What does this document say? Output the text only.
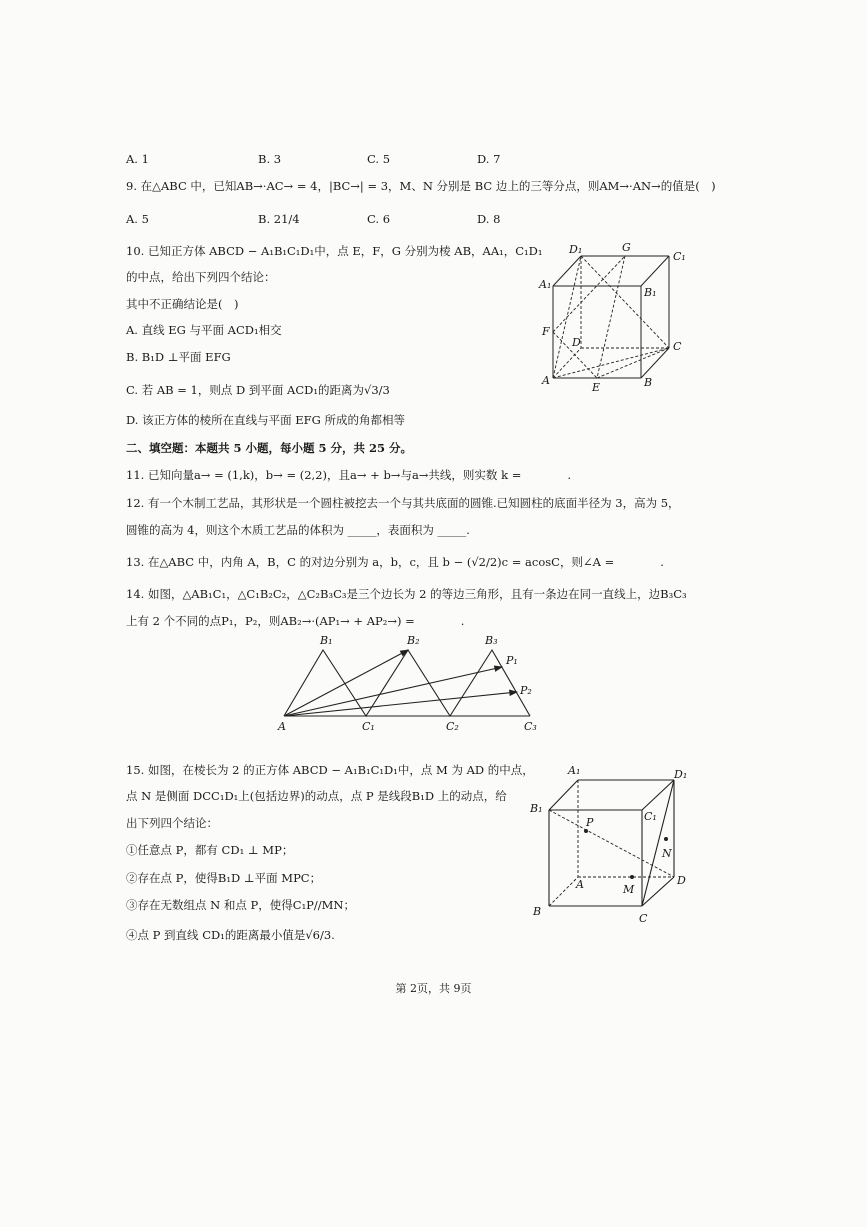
A. 1	B. 3	C. 5	D. 7
9. 在△ABC 中，已知AB→·AC→ = 4，|BC→| = 3，M、N 分别是 BC 边上的三等分点，则AM→·AN→的值是(　)
A. 5	B. 21/4	C. 6	D. 8
10. 已知正方体 ABCD − A₁B₁C₁D₁中，点 E，F，G 分别为棱 AB，AA₁，C₁D₁
的中点，给出下列四个结论：
其中不正确结论是(　)
A. 直线 EG 与平面 ACD₁相交
B. B₁D ⊥平面 EFG
C. 若 AB = 1，则点 D 到平面 ACD₁的距离为√3/3
D. 该正方体的棱所在直线与平面 EFG 所成的角都相等
D₁	G
C₁
A₁
B₁
F
D	C
A
E	B
二、填空题：本题共 5 小题，每小题 5 分，共 25 分。
11. 已知向量a→ = (1,k)，b→ = (2,2)，且a→ + b→与a→共线，则实数 k =　　　　.
12. 有一个木制工艺品，其形状是一个圆柱被挖去一个与其共底面的圆锥.已知圆柱的底面半径为 3，高为 5，
圆锥的高为 4，则这个木质工艺品的体积为 _____，表面积为 _____.
13. 在△ABC 中，内角 A，B，C 的对边分别为 a，b，c，且 b − (√2/2)c = acosC，则∠A =　　　　.
14. 如图，△AB₁C₁，△C₁B₂C₂，△C₂B₃C₃是三个边长为 2 的等边三角形，且有一条边在同一直线上，边B₃C₃
上有 2 个不同的点P₁，P₂，则AB₂→·(AP₁→ + AP₂→) =　　　　.
B₁	B₂	B₃
P₁
P₂
A	C₁	C₂	C₃
15. 如图，在棱长为 2 的正方体 ABCD − A₁B₁C₁D₁中，点 M 为 AD 的中点，
点 N 是侧面 DCC₁D₁上(包括边界)的动点，点 P 是线段B₁D 上的动点，给
出下列四个结论：
①任意点 P，都有 CD₁ ⊥ MP；
②存在点 P，使得B₁D ⊥平面 MPC；
③存在无数组点 N 和点 P，使得C₁P//MN；
④点 P 到直线 CD₁的距离最小值是√6/3.
A₁	D₁
B₁
P	C₁
N
A	M
D
B
C
第 2页，共 9页
